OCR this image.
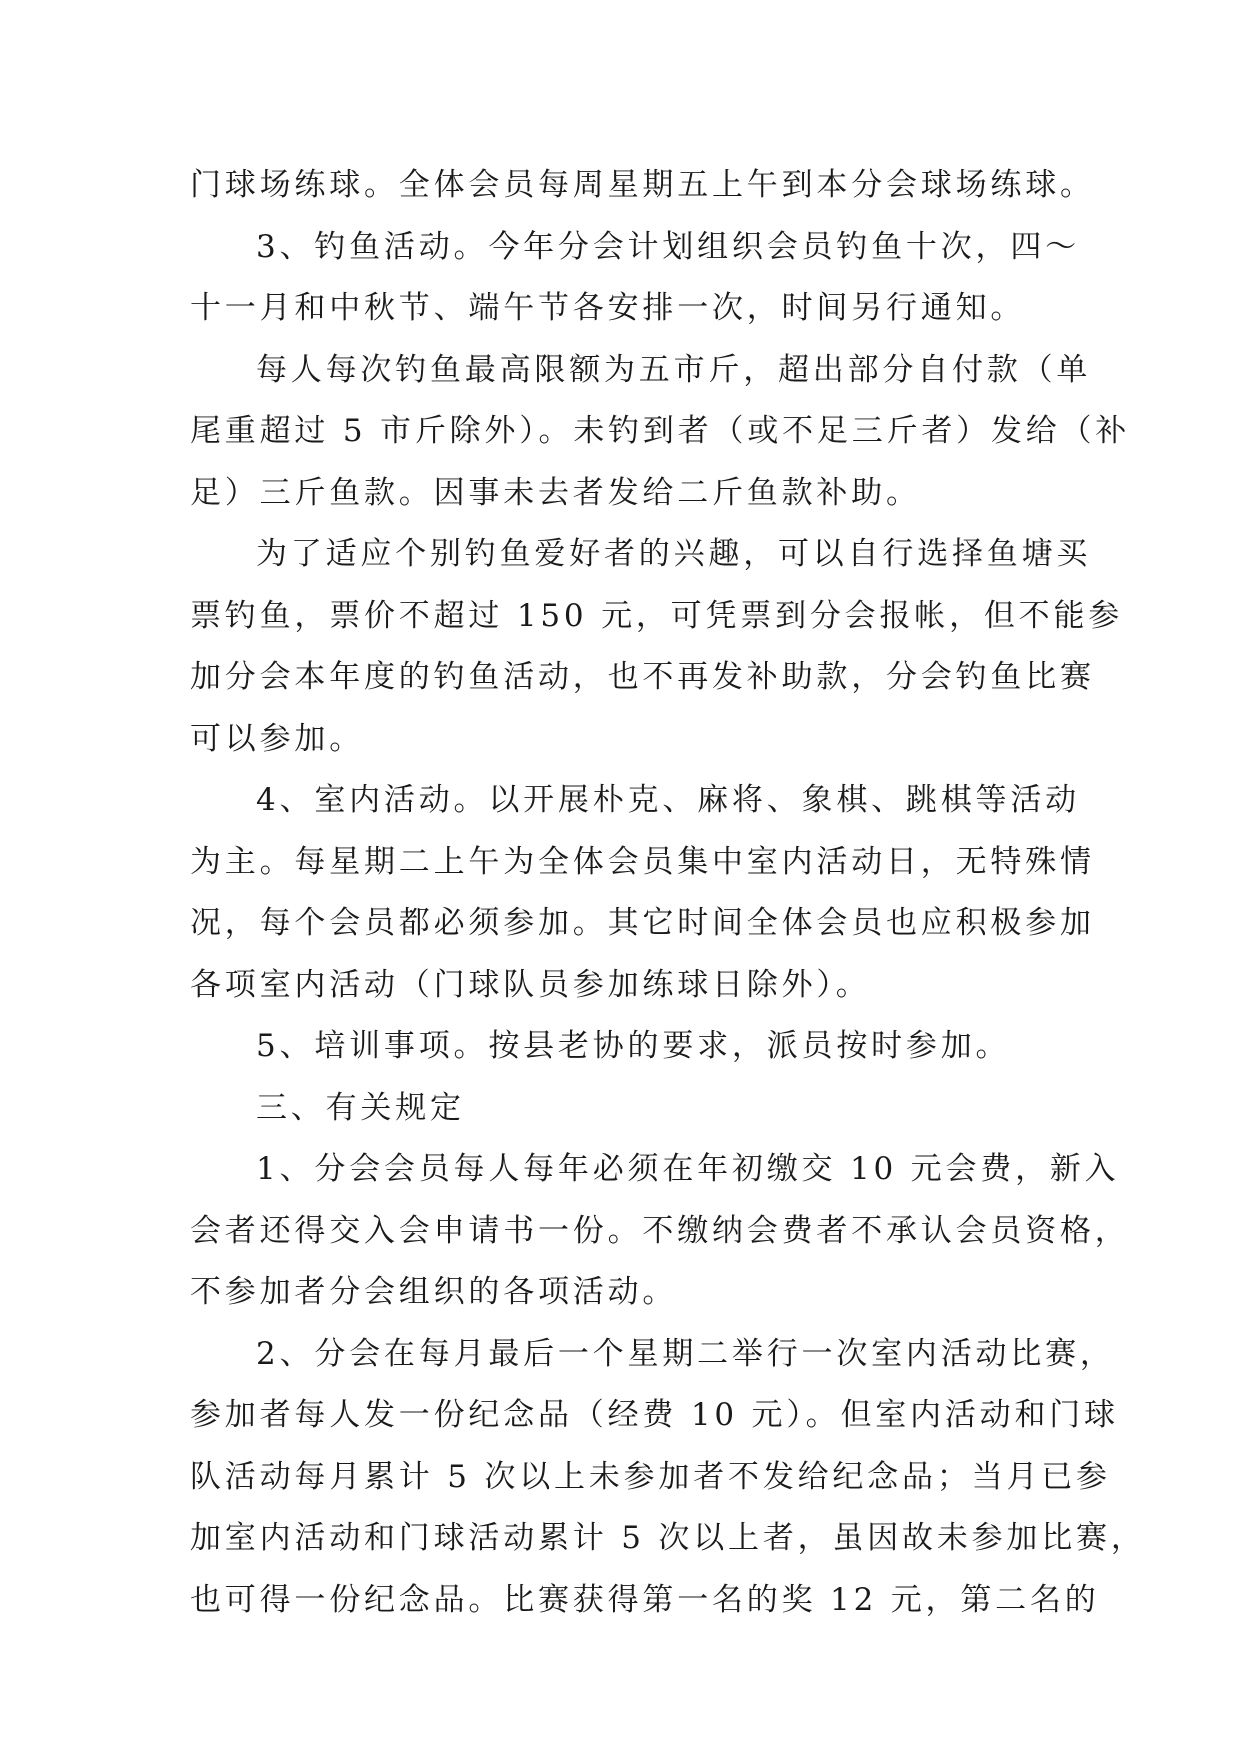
门球场练球。全体会员每周星期五上午到本分会球场练球。
3、钓鱼活动。今年分会计划组织会员钓鱼十次，四～
十一月和中秋节、端午节各安排一次，时间另行通知。
每人每次钓鱼最高限额为五市斤，超出部分自付款（单
尾重超过 5 市斤除外）。未钓到者（或不足三斤者）发给（补
足）三斤鱼款。因事未去者发给二斤鱼款补助。
为了适应个别钓鱼爱好者的兴趣，可以自行选择鱼塘买
票钓鱼，票价不超过 150 元，可凭票到分会报帐，但不能参
加分会本年度的钓鱼活动，也不再发补助款，分会钓鱼比赛
可以参加。
4、室内活动。以开展朴克、麻将、象棋、跳棋等活动
为主。每星期二上午为全体会员集中室内活动日，无特殊情
况，每个会员都必须参加。其它时间全体会员也应积极参加
各项室内活动（门球队员参加练球日除外）。
5、培训事项。按县老协的要求，派员按时参加。
三、有关规定
1、分会会员每人每年必须在年初缴交 10 元会费，新入
会者还得交入会申请书一份。不缴纳会费者不承认会员资格，
不参加者分会组织的各项活动。
2、分会在每月最后一个星期二举行一次室内活动比赛，
参加者每人发一份纪念品（经费 10 元）。但室内活动和门球
队活动每月累计 5 次以上未参加者不发给纪念品；当月已参
加室内活动和门球活动累计 5 次以上者，虽因故未参加比赛，
也可得一份纪念品。比赛获得第一名的奖 12 元，第二名的
